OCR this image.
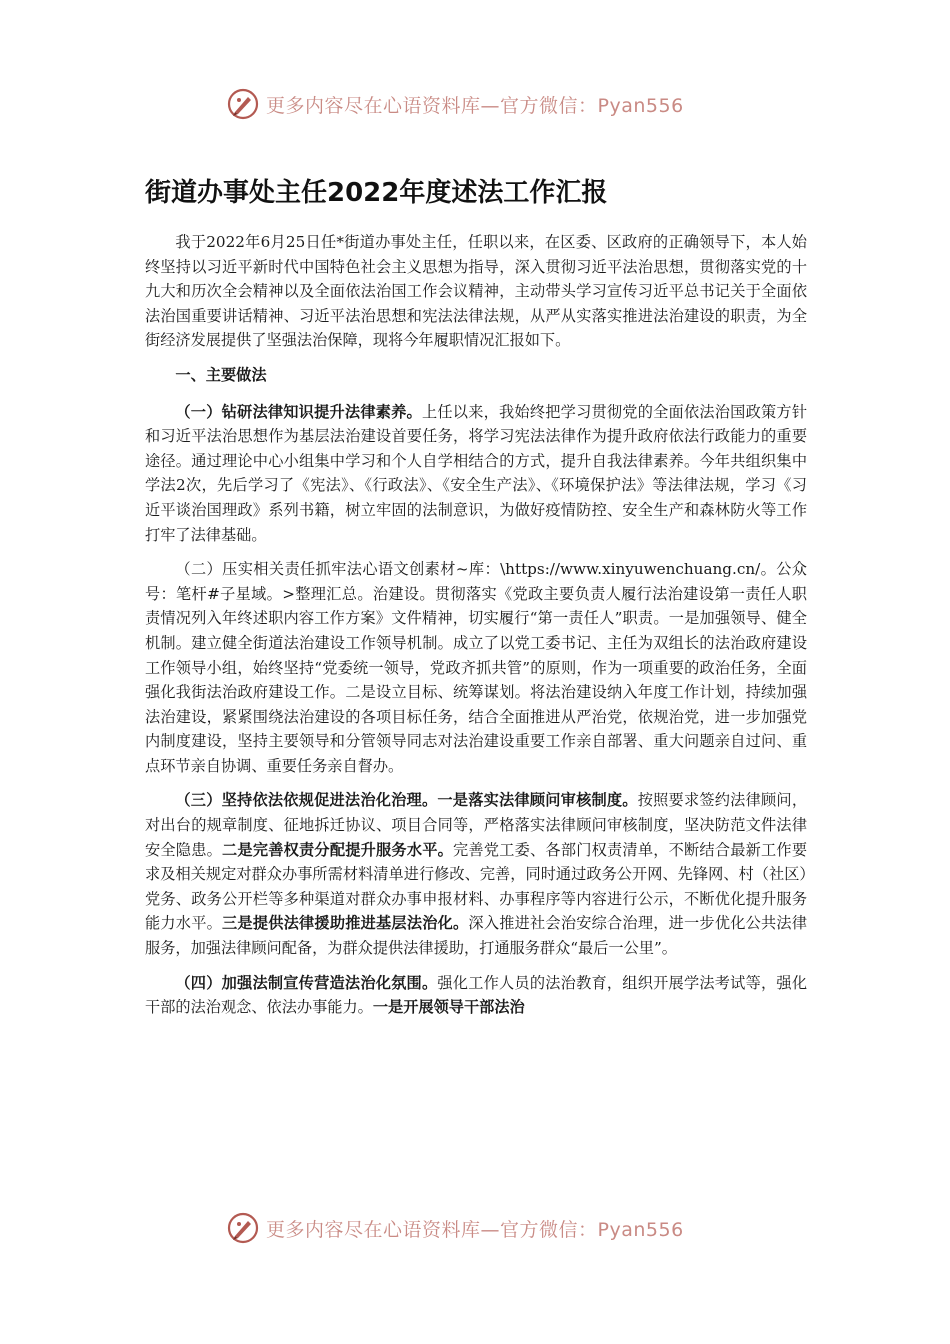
更多内容尽在心语资料库—官方微信：Pyan556
街道办事处主任2022年度述法工作汇报

我于2022年6月25日任*街道办事处主任，任职以来，在区委、区政府的正确领导下，本人始终坚持以习近平新时代中国特色社会主义思想为指导，深入贯彻习近平法治思想，贯彻落实党的十九大和历次全会精神以及全面依法治国工作会议精神，主动带头学习宣传习近平总书记关于全面依法治国重要讲话精神、习近平法治思想和宪法法律法规，从严从实落实推进法治建设的职责，为全街经济发展提供了坚强法治保障，现将今年履职情况汇报如下。

一、主要做法

（一）钻研法律知识提升法律素养。上任以来，我始终把学习贯彻党的全面依法治国政策方针和习近平法治思想作为基层法治建设首要任务，将学习宪法法律作为提升政府依法行政能力的重要途径。通过理论中心小组集中学习和个人自学相结合的方式，提升自我法律素养。今年共组织集中学法2次，先后学习了《宪法》、《行政法》、《安全生产法》、《环境保护法》等法律法规，学习《习近平谈治国理政》系列书籍，树立牢固的法制意识，为做好疫情防控、安全生产和森林防火等工作打牢了法律基础。

（二）压实相关责任抓牢法心语文创素材~库：\https://www.xinyuwenchuang.cn/。公众号：笔杆#子星域。>整理汇总。治建设。贯彻落实《党政主要负责人履行法治建设第一责任人职责情况列入年终述职内容工作方案》文件精神，切实履行“第一责任人”职责。一是加强领导、健全机制。建立健全街道法治建设工作领导机制。成立了以党工委书记、主任为双组长的法治政府建设工作领导小组，始终坚持“党委统一领导，党政齐抓共管”的原则，作为一项重要的政治任务，全面强化我街法治政府建设工作。二是设立目标、统筹谋划。将法治建设纳入年度工作计划，持续加强法治建设，紧紧围绕法治建设的各项目标任务，结合全面推进从严治党，依规治党，进一步加强党内制度建设，坚持主要领导和分管领导同志对法治建设重要工作亲自部署、重大问题亲自过问、重点环节亲自协调、重要任务亲自督办。

（三）坚持依法依规促进法治化治理。一是落实法律顾问审核制度。按照要求签约法律顾问，对出台的规章制度、征地拆迁协议、项目合同等，严格落实法律顾问审核制度，坚决防范文件法律安全隐患。二是完善权责分配提升服务水平。完善党工委、各部门权责清单，不断结合最新工作要求及相关规定对群众办事所需材料清单进行修改、完善，同时通过政务公开网、先锋网、村（社区）党务、政务公开栏等多种渠道对群众办事申报材料、办事程序等内容进行公示，不断优化提升服务能力水平。三是提供法律援助推进基层法治化。深入推进社会治安综合治理，进一步优化公共法律服务，加强法律顾问配备，为群众提供法律援助，打通服务群众“最后一公里”。

（四）加强法制宣传营造法治化氛围。强化工作人员的法治教育，组织开展学法考试等，强化干部的法治观念、依法办事能力。一是开展领导干部法治

更多内容尽在心语资料库—官方微信：Pyan556
